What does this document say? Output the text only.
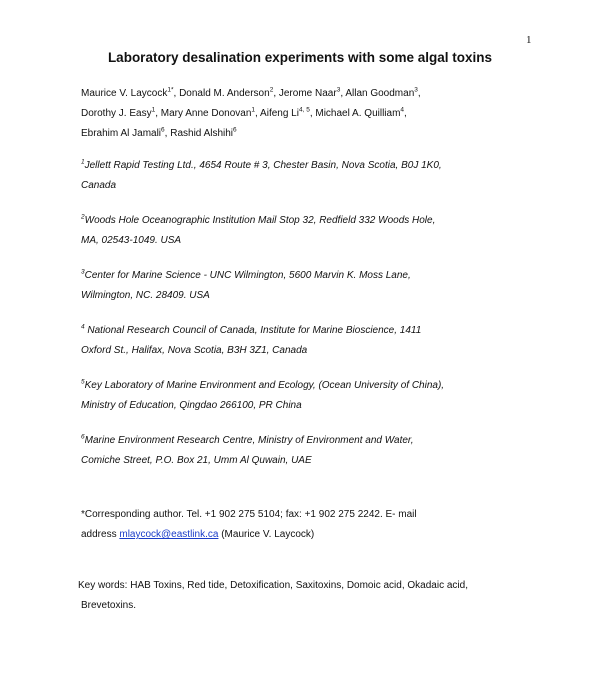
1
Laboratory desalination experiments with some algal toxins
Maurice V. Laycock$^{1*}$, Donald M. Anderson$^2$, Jerome Naar$^3$, Allan Goodman$^3$,
Dorothy J. Easy$^1$, Mary Anne Donovan$^1$, Aifeng Li$^{4, 5}$, Michael A. Quilliam$^4$,
Ebrahim Al Jamali$^6$, Rashid Alshihi$^6$
$^1$Jellett Rapid Testing Ltd., 4654 Route # 3, Chester Basin, Nova Scotia, B0J 1K0,
Canada
$^2$Woods Hole Oceanographic Institution Mail Stop 32, Redfield 332 Woods Hole,
MA, 02543-1049. USA
$^3$Center for Marine Science - UNC Wilmington, 5600 Marvin K. Moss Lane,
Wilmington, NC. 28409. USA
$^4$ National Research Council of Canada, Institute for Marine Bioscience, 1411
Oxford St., Halifax, Nova Scotia, B3H 3Z1, Canada
$^5$Key Laboratory of Marine Environment and Ecology, (Ocean University of China),
Ministry of Education, Qingdao 266100, PR China
$^6$Marine Environment Research Centre, Ministry of Environment and Water,
Comiche Street, P.O. Box 21, Umm Al Quwain, UAE
*Corresponding author. Tel. +1 902 275 5104; fax: +1 902 275 2242. E- mail
address mlaycock@eastlink.ca (Maurice V. Laycock)
Key words: HAB Toxins, Red tide, Detoxification, Saxitoxins, Domoic acid, Okadaic acid,
Brevetoxins.
